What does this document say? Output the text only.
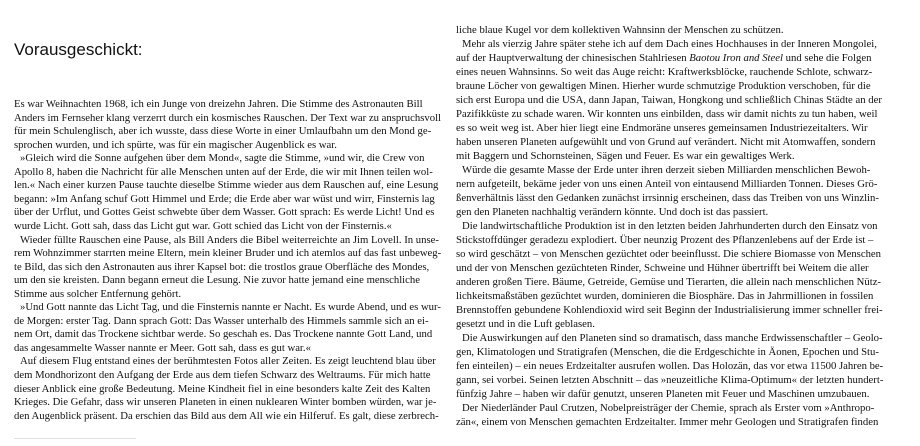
Vorausgeschickt:
Es war Weihnachten 1968, ich ein Junge von dreizehn Jahren. Die Stimme des Astronauten Bill
Anders im Fernseher klang verzerrt durch ein kosmisches Rauschen. Der Text war zu anspruchsvoll
für mein Schulenglisch, aber ich wusste, dass diese Worte in einer Umlaufbahn um den Mond ge-
sprochen wurden, und ich spürte, was für ein magischer Augenblick es war.
»Gleich wird die Sonne aufgehen über dem Mond«, sagte die Stimme, »und wir, die Crew von
Apollo 8, haben die Nachricht für alle Menschen unten auf der Erde, die wir mit Ihnen teilen wol-
len.« Nach einer kurzen Pause tauchte dieselbe Stimme wieder aus dem Rauschen auf, eine Lesung
begann: »Im Anfang schuf Gott Himmel und Erde; die Erde aber war wüst und wirr, Finsternis lag
über der Urflut, und Gottes Geist schwebte über dem Wasser. Gott sprach: Es werde Licht! Und es
wurde Licht. Gott sah, dass das Licht gut war. Gott schied das Licht von der Finsternis.«
Wieder füllte Rauschen eine Pause, als Bill Anders die Bibel weiterreichte an Jim Lovell. In unse-
rem Wohnzimmer starrten meine Eltern, mein kleiner Bruder und ich atemlos auf das fast unbeweg-
te Bild, das sich den Astronauten aus ihrer Kapsel bot: die trostlos graue Oberfläche des Mondes,
um den sie kreisten. Dann begann erneut die Lesung. Nie zuvor hatte jemand eine menschliche
Stimme aus solcher Entfernung gehört.
»Und Gott nannte das Licht Tag, und die Finsternis nannte er Nacht. Es wurde Abend, und es wur-
de Morgen: erster Tag. Dann sprach Gott: Das Wasser unterhalb des Himmels sammle sich an ei-
nem Ort, damit das Trockene sichtbar werde. So geschah es. Das Trockene nannte Gott Land, und
das angesammelte Wasser nannte er Meer. Gott sah, dass es gut war.«
Auf diesem Flug entstand eines der berühmtesten Fotos aller Zeiten. Es zeigt leuchtend blau über
dem Mondhorizont den Aufgang der Erde aus dem tiefen Schwarz des Weltraums. Für mich hatte
dieser Anblick eine große Bedeutung. Meine Kindheit fiel in eine besonders kalte Zeit des Kalten
Krieges. Die Gefahr, dass wir unseren Planeten in einen nuklearen Winter bomben würden, war je-
den Augenblick präsent. Da erschien das Bild aus dem All wie ein Hilferuf. Es galt, diese zerbrech-
liche blaue Kugel vor dem kollektiven Wahnsinn der Menschen zu schützen.
Mehr als vierzig Jahre später stehe ich auf dem Dach eines Hochhauses in der Inneren Mongolei,
auf der Hauptverwaltung der chinesischen Stahlriesen Baotou Iron and Steel und sehe die Folgen
eines neuen Wahnsinns. So weit das Auge reicht: Kraftwerksblöcke, rauchende Schlote, schwarz-
braune Löcher von gewaltigen Minen. Hierher wurde schmutzige Produktion verschoben, für die
sich erst Europa und die USA, dann Japan, Taiwan, Hongkong und schließlich Chinas Städte an der
Pazifikküste zu schade waren. Wir konnten uns einbilden, dass wir damit nichts zu tun haben, weil
es so weit weg ist. Aber hier liegt eine Endmoräne unseres gemeinsamen Industriezeitalters. Wir
haben unseren Planeten aufgewühlt und von Grund auf verändert. Nicht mit Atomwaffen, sondern
mit Baggern und Schornsteinen, Sägen und Feuer. Es war ein gewaltiges Werk.
Würde die gesamte Masse der Erde unter ihren derzeit sieben Milliarden menschlichen Bewoh-
nern aufgeteilt, bekäme jeder von uns einen Anteil von eintausend Milliarden Tonnen. Dieses Grö-
ßenverhältnis lässt den Gedanken zunächst irrsinnig erscheinen, dass das Treiben von uns Winzlin-
gen den Planeten nachhaltig verändern könnte. Und doch ist das passiert.
Die landwirtschaftliche Produktion ist in den letzten beiden Jahrhunderten durch den Einsatz von
Stickstoffdünger geradezu explodiert. Über neunzig Prozent des Pflanzenlebens auf der Erde ist –
so wird geschätzt – von Menschen gezüchtet oder beeinflusst. Die schiere Biomasse von Menschen
und der von Menschen gezüchteten Rinder, Schweine und Hühner übertrifft bei Weitem die aller
anderen großen Tiere. Bäume, Getreide, Gemüse und Tierarten, die allein nach menschlichen Nütz-
lichkeitsmaßstäben gezüchtet wurden, dominieren die Biosphäre. Das in Jahrmillionen in fossilen
Brennstoffen gebundene Kohlendioxid wird seit Beginn der Industrialisierung immer schneller frei-
gesetzt und in die Luft geblasen.
Die Auswirkungen auf den Planeten sind so dramatisch, dass manche Erdwissenschaftler – Geolo-
gen, Klimatologen und Stratigrafen (Menschen, die die Erdgeschichte in Äonen, Epochen und Stu-
fen einteilen) – ein neues Erdzeitalter ausrufen wollen. Das Holozän, das vor etwa 11500 Jahren be-
gann, sei vorbei. Seinen letzten Abschnitt – das »neuzeitliche Klima-Optimum« der letzten hundert-
fünfzig Jahre – haben wir dafür genutzt, unseren Planeten mit Feuer und Maschinen umzubauen.
Der Niederländer Paul Crutzen, Nobelpreisträger der Chemie, sprach als Erster vom »Anthropo-
zän«, einem von Menschen gemachten Erdzeitalter. Immer mehr Geologen und Stratigrafen finden
